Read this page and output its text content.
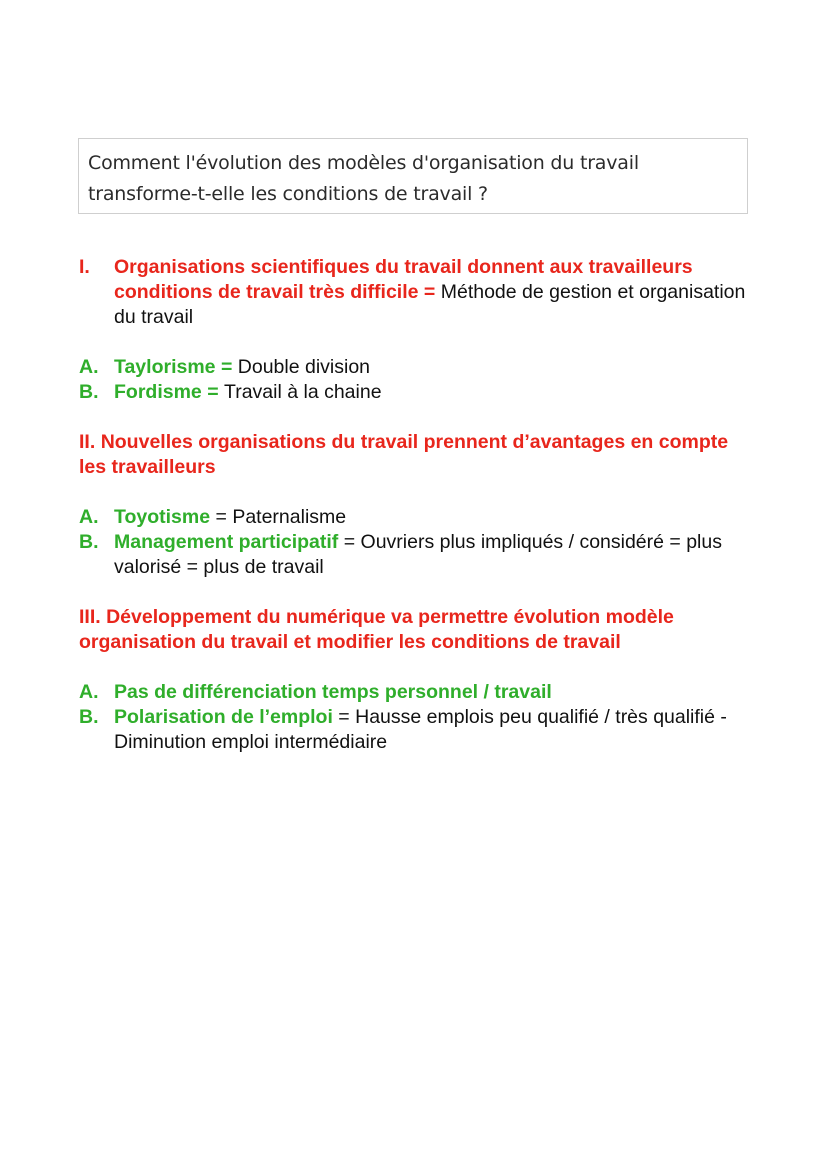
Comment l'évolution des modèles d'organisation du travail
transforme-t-elle les conditions de travail ?
I. Organisations scientifiques du travail donnent aux travailleurs conditions de travail très difficile = Méthode de gestion et organisation du travail
A. Taylorisme = Double division
B. Fordisme = Travail à la chaine
II. Nouvelles organisations du travail prennent d’avantages en compte les travailleurs
A. Toyotisme = Paternalisme
B. Management participatif = Ouvriers plus impliqués / considéré = plus valorisé = plus de travail
III. Développement du numérique va permettre évolution modèle organisation du travail et modifier les conditions de travail
A. Pas de différenciation temps personnel / travail
B. Polarisation de l’emploi = Hausse emplois peu qualifié / très qualifié - Diminution emploi intermédiaire
